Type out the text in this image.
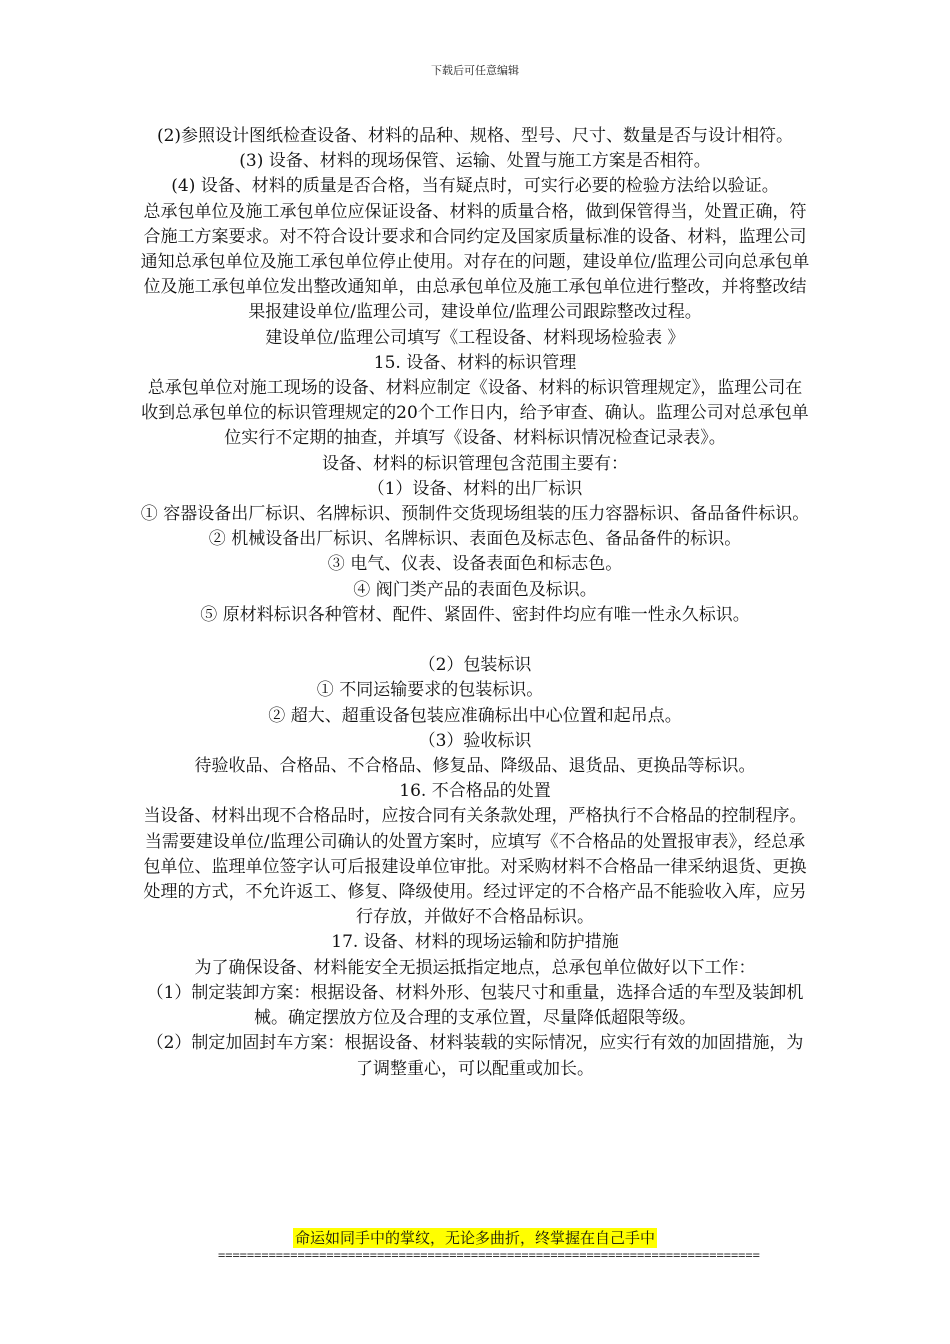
下载后可任意编辑

(2)参照设计图纸检查设备、材料的品种、规格、型号、尺寸、数量是否与设计相符。

(3) 设备、材料的现场保管、运输、处置与施工方案是否相符。

(4) 设备、材料的质量是否合格，当有疑点时，可实行必要的检验方法给以验证。

总承包单位及施工承包单位应保证设备、材料的质量合格，做到保管得当，处置正确，符合施工方案要求。对不符合设计要求和合同约定及国家质量标准的设备、材料，监理公司通知总承包单位及施工承包单位停止使用。对存在的问题，建设单位/监理公司向总承包单位及施工承包单位发出整改通知单，由总承包单位及施工承包单位进行整改，并将整改结果报建设单位/监理公司，建设单位/监理公司跟踪整改过程。

建设单位/监理公司填写《工程设备、材料现场检验表 》

15. 设备、材料的标识管理

总承包单位对施工现场的设备、材料应制定《设备、材料的标识管理规定》，监理公司在收到总承包单位的标识管理规定的20个工作日内，给予审查、确认。监理公司对总承包单位实行不定期的抽查，并填写《设备、材料标识情况检查记录表》。

设备、材料的标识管理包含范围主要有：

（1）设备、材料的出厂标识

① 容器设备出厂标识、名牌标识、预制件交货现场组装的压力容器标识、备品备件标识。

② 机械设备出厂标识、名牌标识、表面色及标志色、备品备件的标识。

③ 电气、仪表、设备表面色和标志色。

④ 阀门类产品的表面色及标识。

⑤ 原材料标识各种管材、配件、紧固件、密封件均应有唯一性永久标识。

（2）包装标识

① 不同运输要求的包装标识。

② 超大、超重设备包装应准确标出中心位置和起吊点。

（3）验收标识

待验收品、合格品、不合格品、修复品、降级品、退货品、更换品等标识。

16. 不合格品的处置

当设备、材料出现不合格品时，应按合同有关条款处理，严格执行不合格品的控制程序。当需要建设单位/监理公司确认的处置方案时，应填写《不合格品的处置报审表》，经总承包单位、监理单位签字认可后报建设单位审批。对采购材料不合格品一律采纳退货、更换处理的方式，不允许返工、修复、降级使用。经过评定的不合格产品不能验收入库，应另行存放，并做好不合格品标识。

17. 设备、材料的现场运输和防护措施

为了确保设备、材料能安全无损运抵指定地点，总承包单位做好以下工作：

（1）制定装卸方案：根据设备、材料外形、包装尺寸和重量，选择合适的车型及装卸机械。确定摆放方位及合理的支承位置，尽量降低超限等级。

（2）制定加固封车方案：根据设备、材料装载的实际情况，应实行有效的加固措施，为了调整重心，可以配重或加长。

命运如同手中的掌纹，无论多曲折，终掌握在自己手中
===========================================================================
